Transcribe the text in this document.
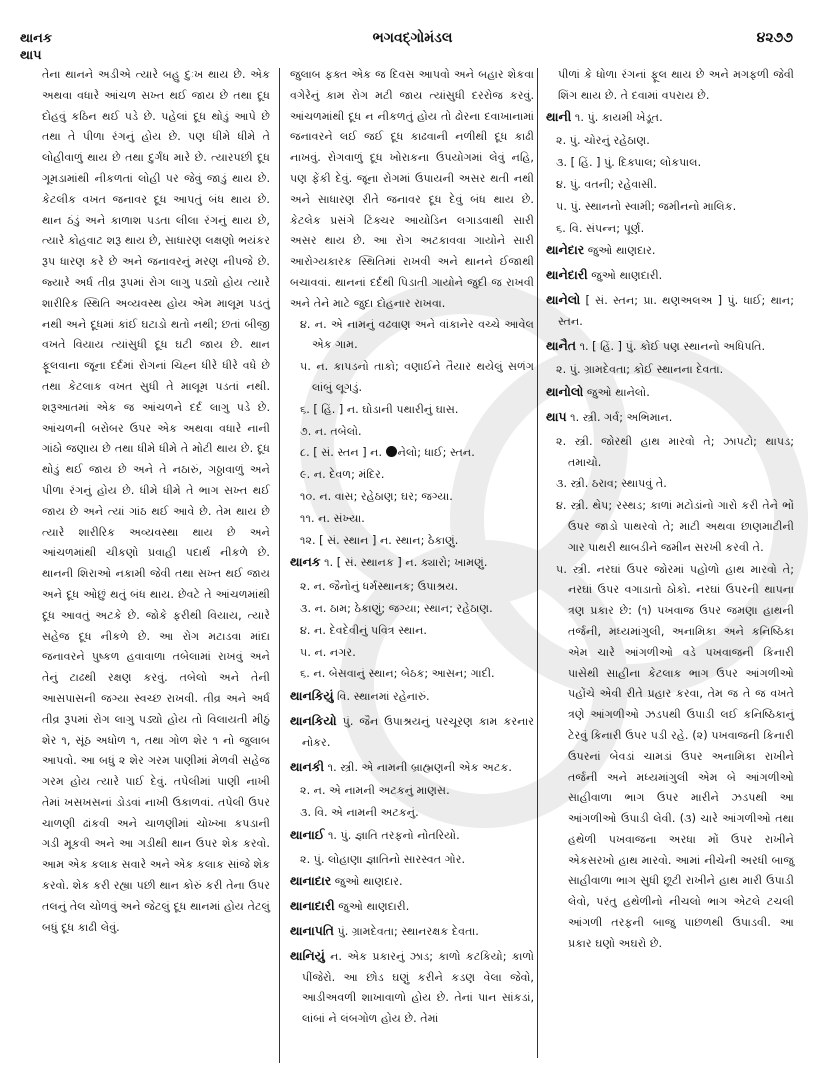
થાનક
થાપ
ભગવદ્ગોમંડલ	૪૨૭૭

તેના થાનને અડીએ ત્યારે બહુ દુઃખ થાય છે. એક અથવા વધારે આંચળ સખ્ત થઈ જાય છે તથા દૂધ દોહવું કઠિન થઈ પડે છે. પહેલાં દૂધ થોડું આપે છે તથા તે પીળા રંગનું હોય છે. પણ ધીમે ધીમે તે લોહીવાળું થાય છે તથા દુર્ગંધ મારે છે. ત્યારપછી દૂધ ગૂમડામાંથી નીકળતાં લોહી પર જેવું જાડું થાય છે. કેટલીક વખત જનાવર દૂધ આપતું બંધ થાય છે. થાન ઠંડું અને કાળાશ પડતા લીલા રંગનું થાય છે, ત્યારે કોહવાટ શરૂ થાય છે, સાધારણ લક્ષણો ભયંકર રૂપ ધારણ કરે છે અને જનાવરનું મરણ નીપજે છે. જ્યારે અર્ધ તીવ્ર રૂપમાં રોગ લાગુ પડ્યો હોય ત્યારે શારીરિક સ્થિતિ અવ્યવસ્થ હોય એમ માલૂમ પડતું નથી અને દૂધમાં કાંઈ ઘટાડો થતો નથી; છતાં બીજી વખતે વિયાય ત્યાંસુધી દૂધ ઘટી જાય છે. થાન ફૂલવાના જૂના દર્દમાં રોગનાં ચિહ્ન ધીરે ધીરે વધે છે તથા કેટલાક વખત સુધી તે માલૂમ પડતાં નથી. શરૂઆતમાં એક જ આંચળને દર્દ લાગુ પડે છે. આંચળની બરોબર ઉપર એક અથવા વધારે નાની ગાંઠો જણાય છે તથા ધીમે ધીમે તે મોટી થાય છે. દૂધ થોડું થઈ જાય છે અને તે નઠારું, ગઠ્ઠાવાળું અને પીળા રંગનું હોય છે. ધીમે ધીમે તે ભાગ સખ્ત થઈ જાય છે અને ત્યાં ગાંઠ થઈ આવે છે. તેમ થાય છે ત્યારે શારીરિક અવ્યવસ્થા થાય છે અને આંચળમાંથી ચીકણો પ્રવાહી પદાર્થ નીકળે છે. થાનની શિરાઓ નકામી જેવી તથા સખ્ત થઈ જાય અને દૂધ ઓછું થતું બંધ થાય. છેવટે તે આંચળમાંથી દૂધ આવતું અટકે છે. જોકે ફરીથી વિયાય, ત્યારે સહેજ દૂધ નીકળે છે. આ રોગ મટાડવા માંદા જનાવરને પુષ્કળ હવાવાળા તબેલામાં રાખવું અને તેનું ટાઢથી રક્ષણ કરવું. તબેલો અને તેની આસપાસની જગ્યા સ્વચ્છ રાખવી. તીવ્ર અને અર્ધ તીવ્ર રૂપમાં રોગ લાગુ પડ્યો હોય તો વિલાયતી મીઠું શેર ૧, સૂંઠ અધોળ ૧, તથા ગોળ શેર ૧ નો જુલાબ આપવો. આ બધું ૨ શેર ગરમ પાણીમાં મેળવી સહેજ ગરમ હોય ત્યારે પાઈ દેવું. તપેલીમાં પાણી નાખી તેમાં ખસખસનાં ડોડવાં નાખી ઉકાળવાં. તપેલી ઉપર ચાળણી ઢાંકવી અને ચાળણીમાં ચોખ્ખા કપડાની ગડી મૂકવી અને આ ગડીથી થાન ઉપર શેક કરવો. આમ એક કલાક સવારે અને એક કલાક સાંજે શેક કરવો. શેક કરી રહ્યા પછી થાન કોરું કરી તેના ઉપર તલનું તેલ ચોળવું અને જેટલું દૂધ થાનમાં હોય તેટલું બધું દૂધ કાઢી લેવું.

જુલાબ ફક્ત એક જ દિવસ આપવો અને બહાર શેકવા વગેરેનું કામ રોગ મટી જાય ત્યાંસુધી દરરોજ કરવું. આંચળમાંથી દૂધ ન નીકળતું હોય તો ઢોરના દવાખાનામાં જનાવરને લઈ જઈ દૂધ કાઢવાની નળીથી દૂધ કાઢી નાખવું. રોગવાળું દૂધ ખોરાકના ઉપયોગમાં લેવું નહિ, પણ ફેંકી દેવું. જૂના રોગમાં ઉપાયની અસર થતી નથી અને સાધારણ રીતે જનાવર દૂધ દેવું બંધ થાય છે. કેટલેક પ્રસંગે ટિંક્ચર આયોડિન લગાડવાથી સારી અસર થાય છે. આ રોગ અટકાવવા ગાયોને સારી આરોગ્યકારક સ્થિતિમાં રાખવી અને થાનને ઈજાથી બચાવવાં. થાનનાં દર્દથી પિડાતી ગાયોને જુદી જ રાખવી અને તેને માટે જુદા દોહનાર રાખવા.

૪. ન. એ નામનું વઢવાણ અને વાંકાનેર વચ્ચે આવેલ એક ગામ.
૫. ન. કાપડનો તાકો; વણાઈને તૈયાર થયેલું સળંગ લાંબું લૂગડું.
૬. [ હિં. ] ન. ઘોડાની પથારીનું ઘાસ.
૭. ન. તબેલો.
૮. [ સં. સ્તન ] ન. નેલો; ધાઈ; સ્તન.
૯. ન. દેવળ; મંદિર.
૧૦. ન. વાસ; રહેઠાણ; ઘર; જગ્યા.
૧૧. ન. સંખ્યા.
૧૨. [ સં. સ્થાન ] ન. સ્થાન; ઠેકાણું.
થાનક ૧. [ સં. સ્થાનક ] ન. ક્યારો; ખામણું.
૨. ન. જૈનોનું ધર્મસ્થાનક; ઉપાશ્રય.
૩. ન. ઠામ; ઠેકાણું; જગ્યા; સ્થાન; રહેઠાણ.
૪. ન. દેવદેવીનું પવિત્ર સ્થાન.
૫. ન. નગર.
૬. ન. બેસવાનું સ્થાન; બેઠક; આસન; ગાદી.
થાનકિયું વિ. સ્થાનમાં રહેનારું.
થાનકિયો પું. જૈન ઉપાશ્રયનું પરચૂરણ કામ કરનાર નોકર.
થાનકી ૧. સ્ત્રી. એ નામની બ્રાહ્મણની એક અટક.
૨. ન. એ નામની અટકનું માણસ.
૩. વિ. એ નામની અટકનું.
થાનાઈ ૧. પું. જ્ઞાતિ તરફનો નોતરિયો.
૨. પું. લોહાણા જ્ઞાતિનો સારસ્વત ગોર.
થાનાદાર જુઓ થાણદાર.
થાનાદારી જુઓ થાણદારી.
થાનાપતિ પું. ગ્રામદેવતા; સ્થાનરક્ષક દેવતા.
થાનિયું ન. એક પ્રકારનું ઝાડ; કાળો કટકિયો; કાળો પીંજેરો. આ છોડ ઘણું કરીને કડણ વેલા જેવો, આડીઅવળી શાખાવાળો હોય છે. તેનાં પાન સાંકડાં, લાંબાં ને લંબગોળ હોય છે. તેમાં

પીળાં કે ધોળા રંગનાં ફૂલ થાય છે અને મગફળી જેવી શિંગ થાય છે. તે દવામાં વપરાય છે.

થાની ૧. પું. કાયમી ખેડૂત.
૨. પું. ચોરનું રહેઠાણ.
૩. [ હિં. ] પું. દિક્પાલ; લોકપાલ.
૪. પું. વતની; રહેવાસી.
૫. પું. સ્થાનનો સ્વામી; જમીનનો માલિક.
૬. વિ. સંપન્ન; પૂર્ણ.
થાનેદાર જુઓ થાણદાર.
થાનેદારી જુઓ થાણદારી.
થાનેલો [ સં. સ્તન; પ્રા. થણઅલઅ ] પું. ધાઈ; થાન; સ્તન.
થાનૈત ૧. [ હિં. ] પું. કોઈ પણ સ્થાનનો અધિપતિ.
૨. પું. ગ્રામદેવતા; કોઈ સ્થાનના દેવતા.
થાનોલો જુઓ થાનેલો.
થાપ ૧. સ્ત્રી. ગર્વ; અભિમાન.
૨. સ્ત્રી. જોરથી હાથ મારવો તે; ઝાપટો; થાપડ; તમાચો.
૩. સ્ત્રી. ઠરાવ; સ્થાપવું તે.
૪. સ્ત્રી. થેપ; રસ્થડ; કાળાં મટોડાંનો ગારો કરી તેને ભોં ઉપર જાડો પાથરવો તે; માટી અથવા છાણમાટીની ગાર પાથરી થાબડીને જમીન સરખી કરવી તે.
૫. સ્ત્રી. નરઘાં ઉપર જોરમાં પહોળો હાથ મારવો તે; નરઘાં ઉપર વગાડાતો ઠોકો. નરઘાં ઉપરની થાપના ત્રણ પ્રકાર છે: (૧) પખવાજ ઉપર જમણા હાથની તર્જની, મધ્યમાંગુલી, અનામિકા અને કનિષ્ઠિકા એમ ચારે આંગળીઓ વડે પખવાજની કિનારી પાસેથી સાહીના કેટલાક ભાગ ઉપર આંગળીઓ પહોંચે એવી રીતે પ્રહાર કરવા, તેમ જ તે જ વખતે ત્રણે આંગળીઓ ઝડપથી ઉપાડી લઈ કનિષ્ઠિકાનું ટેરવું કિનારી ઉપર પડી રહે. (૨) પખવાજની કિનારી ઉપરનાં બેવડાં ચામડાં ઉપર અનામિકા રાખીને તર્જની અને મધ્યમાંગુલી એમ બે આંગળીઓ સાહીવાળા ભાગ ઉપર મારીને ઝડપથી આ આંગળીઓ ઉપાડી લેવી. (૩) ચારે આંગળીઓ તથા હથેળી પખવાજના અરધા મોં ઉપર રાખીને એકસરખો હાથ મારવો. આમાં નીચેની અરધી બાજુ સાહીવાળા ભાગ સુધી છૂટી રાખીને હાથ મારી ઉપાડી લેવો, પરંતુ હથેળીનો નીચલો ભાગ એટલે ટચલી આંગળી તરફની બાજુ પાછળથી ઉપાડવી. આ પ્રકાર ઘણો અઘરો છે.
